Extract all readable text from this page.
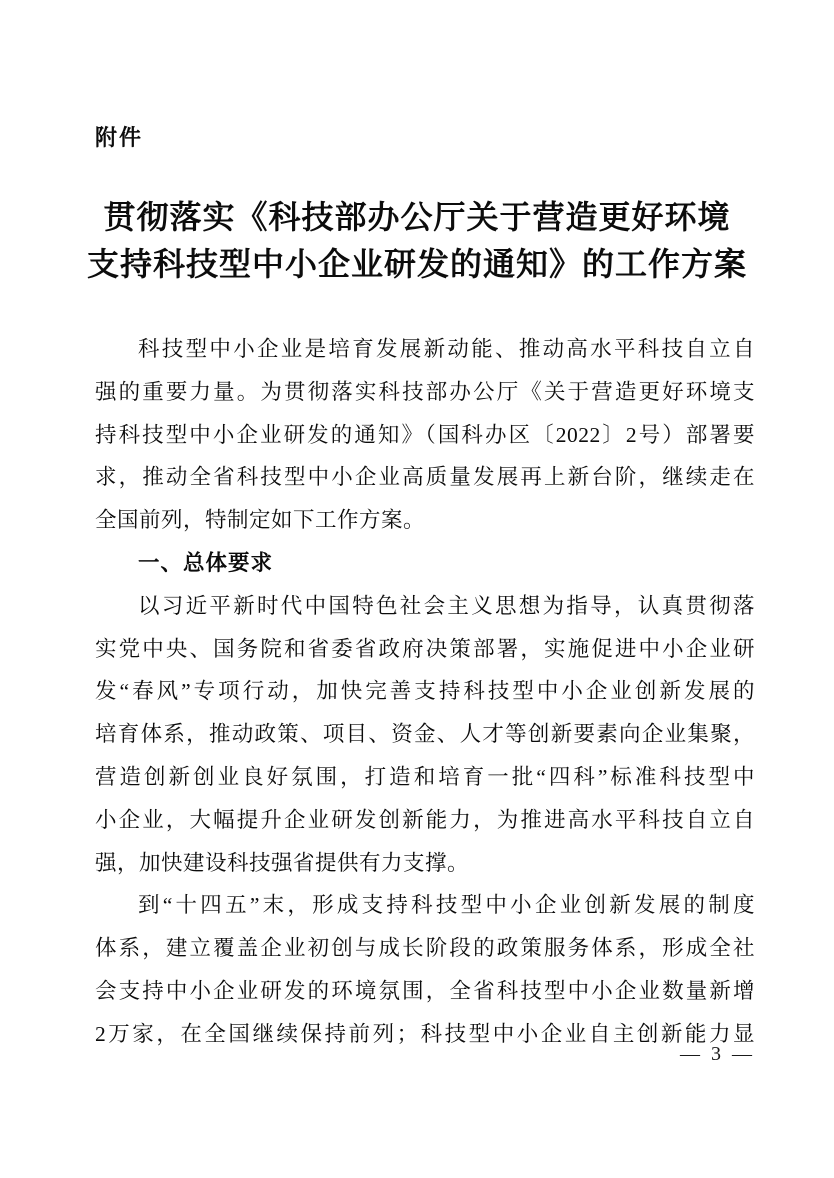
附件
贯彻落实《科技部办公厅关于营造更好环境
支持科技型中小企业研发的通知》的工作方案
科技型中小企业是培育发展新动能、推动高水平科技自立自
强的重要力量。为贯彻落实科技部办公厅《关于营造更好环境支
持科技型中小企业研发的通知》（国科办区〔2022〕2号）部署要
求，推动全省科技型中小企业高质量发展再上新台阶，继续走在
全国前列，特制定如下工作方案。
一、总体要求
以习近平新时代中国特色社会主义思想为指导，认真贯彻落
实党中央、国务院和省委省政府决策部署，实施促进中小企业研
发“春风”专项行动，加快完善支持科技型中小企业创新发展的
培育体系，推动政策、项目、资金、人才等创新要素向企业集聚，
营造创新创业良好氛围，打造和培育一批“四科”标准科技型中
小企业，大幅提升企业研发创新能力，为推进高水平科技自立自
强，加快建设科技强省提供有力支撑。
到“十四五”末，形成支持科技型中小企业创新发展的制度
体系，建立覆盖企业初创与成长阶段的政策服务体系，形成全社
会支持中小企业研发的环境氛围，全省科技型中小企业数量新增
2万家，在全国继续保持前列；科技型中小企业自主创新能力显
— 3 —
